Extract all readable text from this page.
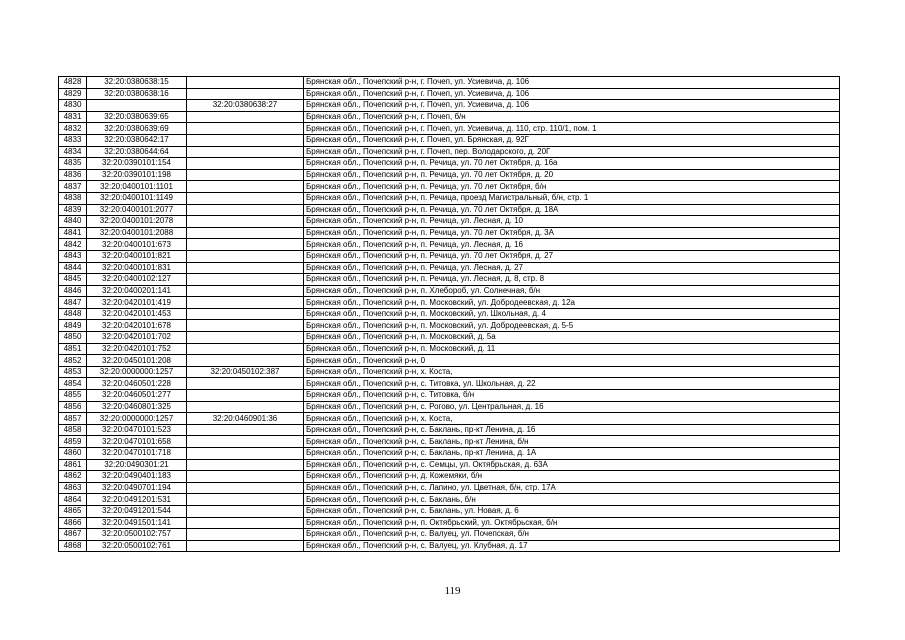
4828	32:20:0380638:15		Брянская обл., Почепский р-н, г. Почеп, ул. Усиевича, д. 106
4829	32:20:0380638:16		Брянская обл., Почепский р-н, г. Почеп, ул. Усиевича, д. 106
4830		32:20:0380638:27	Брянская обл., Почепский р-н, г. Почеп, ул. Усиевича, д. 106
4831	32:20:0380639:65		Брянская обл., Почепский р-н, г. Почеп, б/н
4832	32:20:0380639:69		Брянская обл., Почепский р-н, г. Почеп, ул. Усиевича, д. 110, стр. 110/1, пом. 1
4833	32:20:0380642:17		Брянская обл., Почепский р-н, г. Почеп, ул. Брянская, д. 92Г
4834	32:20:0380644:64		Брянская обл., Почепский р-н, г. Почеп, пер. Володарского, д. 20Г
4835	32:20:0390101:154		Брянская обл., Почепский р-н, п. Речица, ул. 70 лет Октября, д. 16а
4836	32:20:0390101:198		Брянская обл., Почепский р-н, п. Речица, ул. 70 лет Октября, д. 20
4837	32:20:0400101:1101		Брянская обл., Почепский р-н, п. Речица, ул. 70 лет Октября, б/н
4838	32:20:0400101:1149		Брянская обл., Почепский р-н, п. Речица, проезд Магистральный, б/н, стр. 1
4839	32:20:0400101:2077		Брянская обл., Почепский р-н, п. Речица, ул. 70 лет Октября, д. 18А
4840	32:20:0400101:2078		Брянская обл., Почепский р-н, п. Речица, ул. Лесная, д. 10
4841	32:20:0400101:2088		Брянская обл., Почепский р-н, п. Речица, ул. 70 лет Октября, д. 3А
4842	32:20:0400101:673		Брянская обл., Почепский р-н, п. Речица, ул. Лесная, д. 16
4843	32:20:0400101:821		Брянская обл., Почепский р-н, п. Речица, ул. 70 лет Октября, д. 27
4844	32:20:0400101:831		Брянская обл., Почепский р-н, п. Речица, ул. Лесная, д. 27
4845	32:20:0400102:127		Брянская обл., Почепский р-н, п. Речица, ул. Лесная, д. 8, стр. 8
4846	32:20:0400201:141		Брянская обл., Почепский р-н, п. Хлебороб, ул. Солнечная, б/н
4847	32:20:0420101:419		Брянская обл., Почепский р-н, п. Московский, ул. Добродеевская, д. 12а
4848	32:20:0420101:453		Брянская обл., Почепский р-н, п. Московский, ул. Школьная, д. 4
4849	32:20:0420101:678		Брянская обл., Почепский р-н, п. Московский, ул. Добродеевская, д. 5-5
4850	32:20:0420101:702		Брянская обл., Почепский р-н, п. Московский, д. 5а
4851	32:20:0420101:752		Брянская обл., Почепский р-н, п. Московский, д. 11
4852	32:20:0450101:208		Брянская обл., Почепский р-н, 0
4853	32:20:0000000:1257	32:20:0450102:387	Брянская обл., Почепский р-н, х. Коста,
4854	32:20:0460501:228		Брянская обл., Почепский р-н, с. Титовка, ул. Школьная, д. 22
4855	32:20:0460501:277		Брянская обл., Почепский р-н, с. Титовка, б/н
4856	32:20:0460801:325		Брянская обл., Почепский р-н, с. Рогово, ул. Центральная, д. 16
4857	32:20:0000000:1257	32:20:0460901:36	Брянская обл., Почепский р-н, х. Коста,
4858	32:20:0470101:523		Брянская обл., Почепский р-н, с. Баклань, пр-кт Ленина, д. 16
4859	32:20:0470101:658		Брянская обл., Почепский р-н, с. Баклань, пр-кт Ленина, б/н
4860	32:20:0470101:718		Брянская обл., Почепский р-н, с. Баклань, пр-кт Ленина, д. 1А
4861	32:20:0490301:21		Брянская обл., Почепский р-н, с. Семцы, ул. Октябрьская, д. 63А
4862	32:20:0490401:183		Брянская обл., Почепский р-н, д. Кожемяки, б/н
4863	32:20:0490701:194		Брянская обл., Почепский р-н, с. Лапино, ул. Цветная, б/н, стр. 17А
4864	32:20:0491201:531		Брянская обл., Почепский р-н, с. Баклань, б/н
4865	32:20:0491201:544		Брянская обл., Почепский р-н, с. Баклань, ул. Новая, д. 6
4866	32:20:0491501:141		Брянская обл., Почепский р-н, п. Октябрьский, ул. Октябрьская, б/н
4867	32:20:0500102:757		Брянская обл., Почепский р-н, с. Валуец, ул. Почепская, б/н
4868	32:20:0500102:761		Брянская обл., Почепский р-н, с. Валуец, ул. Клубная, д. 17
119
